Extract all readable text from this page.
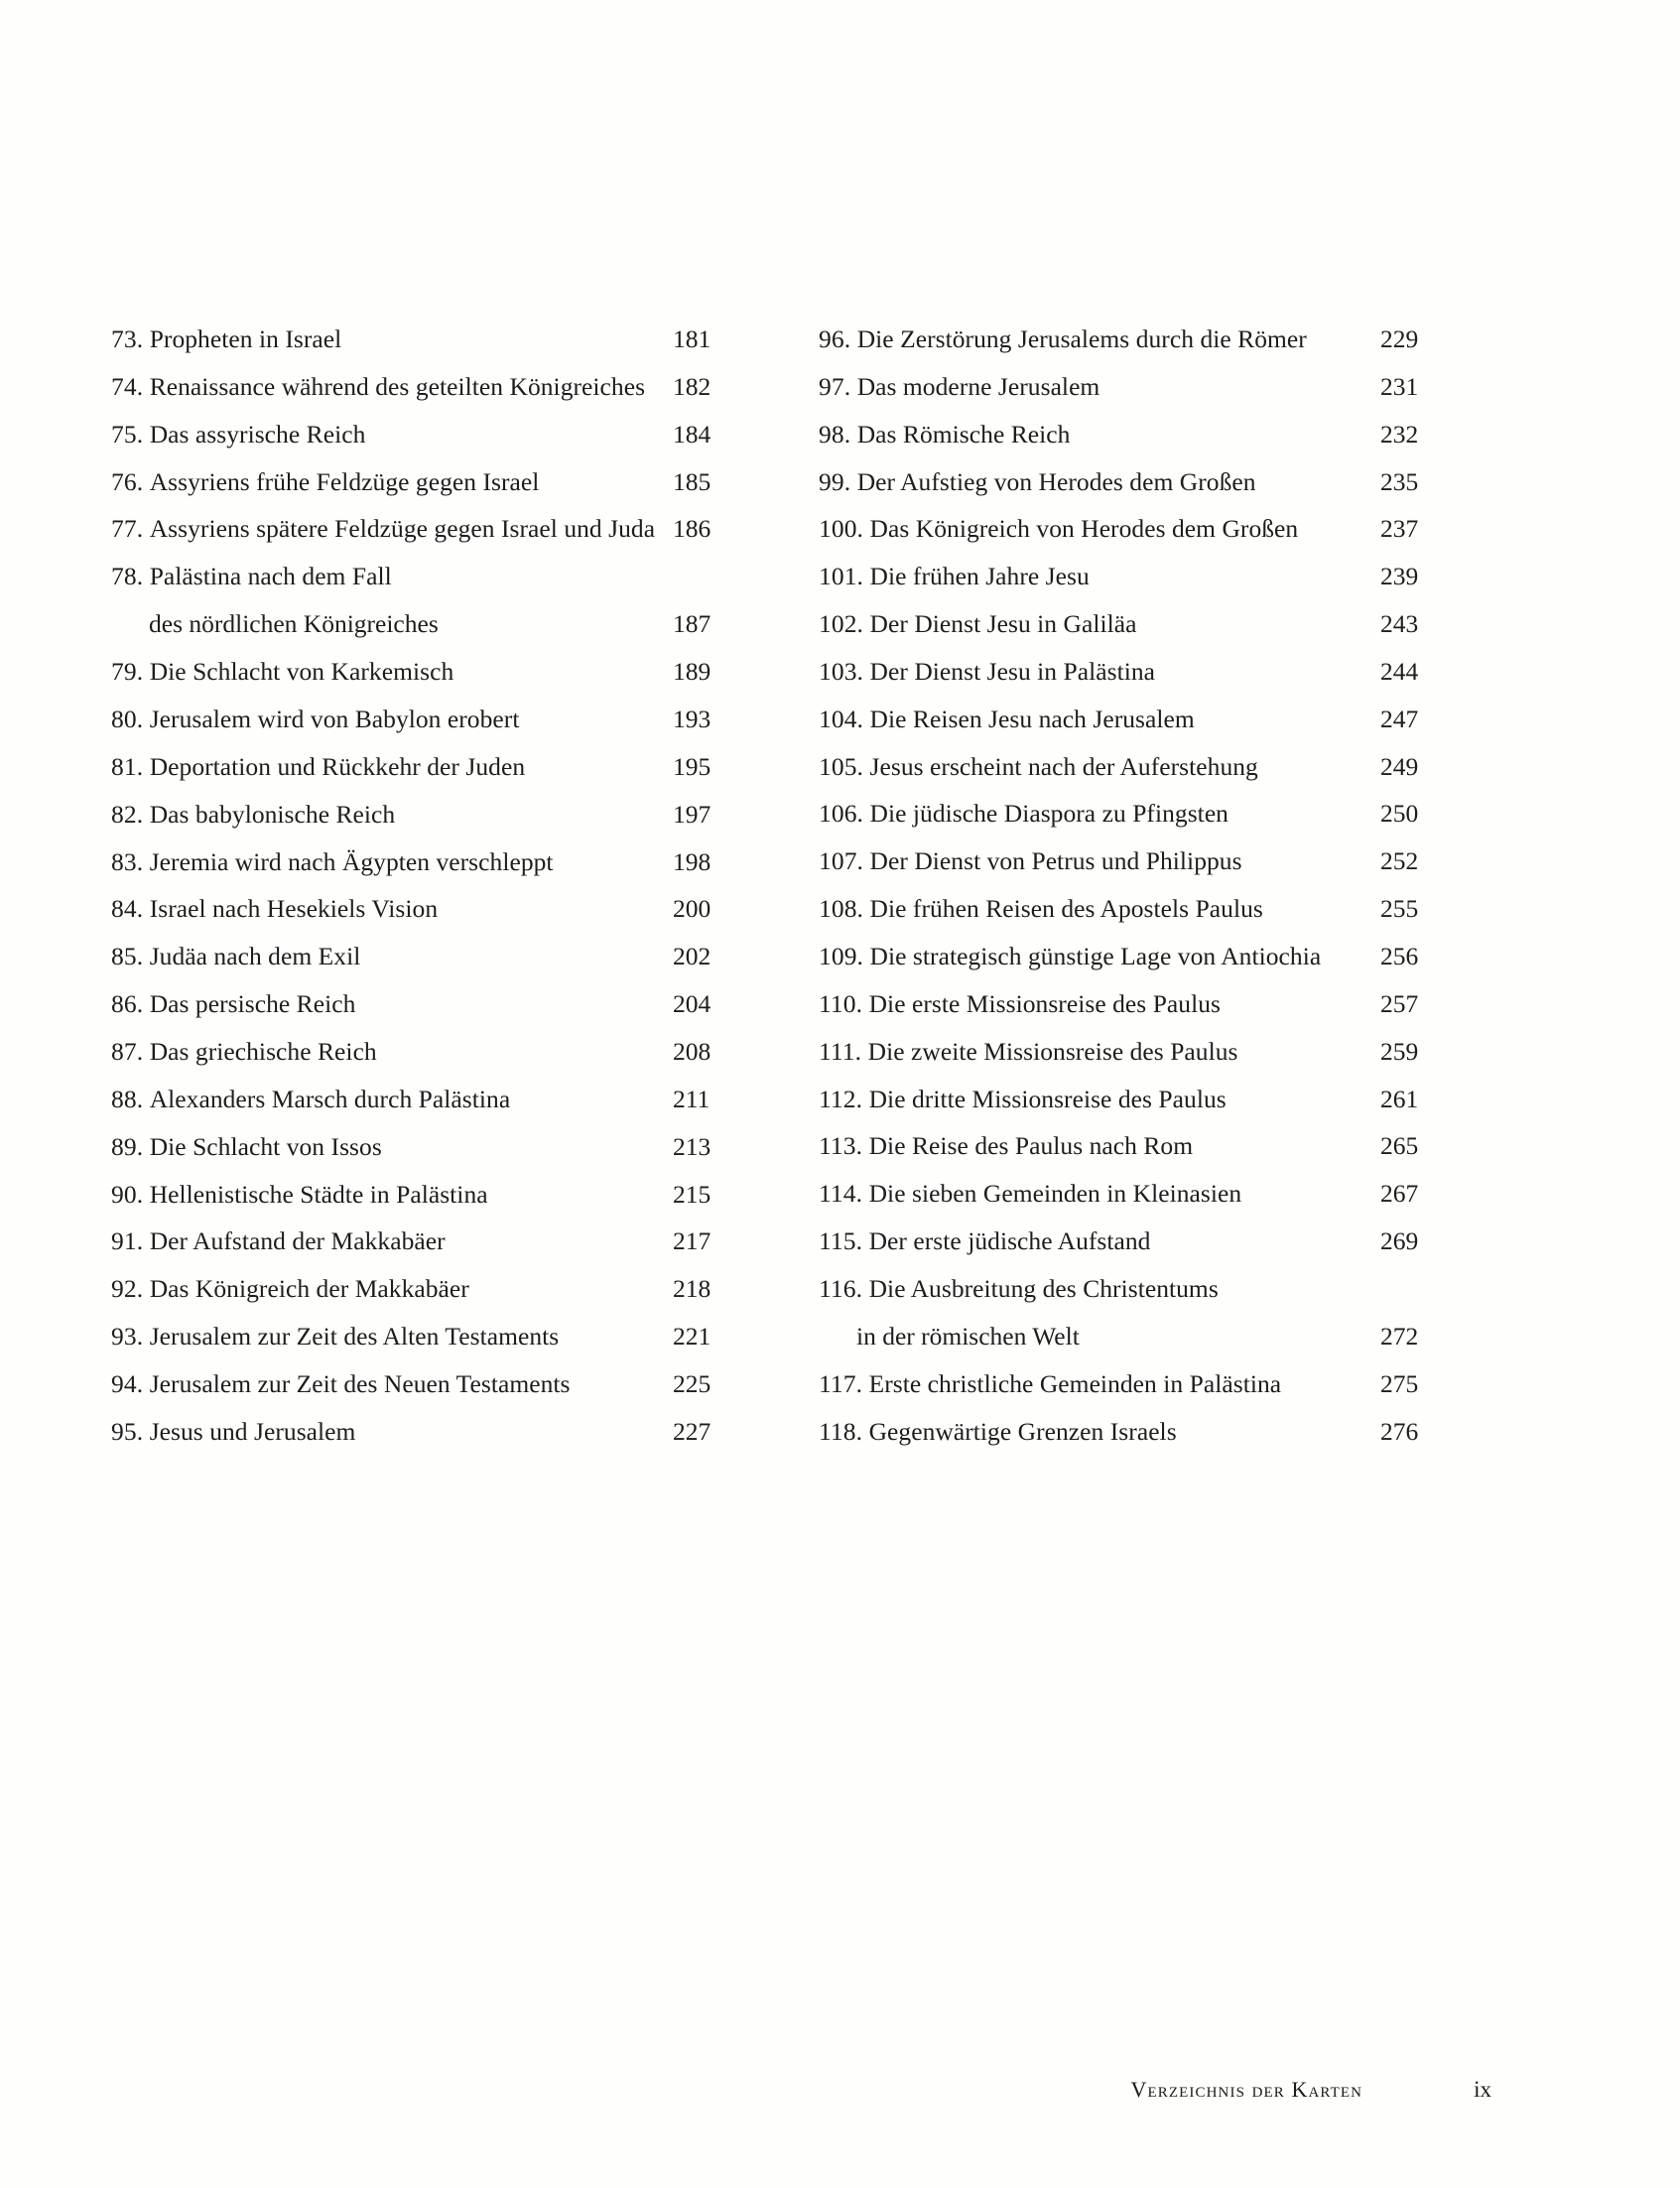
73. Propheten in Israel	181
74. Renaissance während des geteilten Königreiches 182
75. Das assyrische Reich	184
76. Assyriens frühe Feldzüge gegen Israel	185
77. Assyriens spätere Feldzüge gegen Israel und Juda 186
78. Palästina nach dem Fall
des nördlichen Königreiches	187
79. Die Schlacht von Karkemisch	189
80. Jerusalem wird von Babylon erobert	193
81. Deportation und Rückkehr der Juden	195
82. Das babylonische Reich	197
83. Jeremia wird nach Ägypten verschleppt	198
84. Israel nach Hesekiels Vision	200
85. Judäa nach dem Exil	202
86. Das persische Reich	204
87. Das griechische Reich	208
88. Alexanders Marsch durch Palästina	211
89. Die Schlacht von Issos	213
90. Hellenistische Städte in Palästina	215
91. Der Aufstand der Makkabäer	217
92. Das Königreich der Makkabäer	218
93. Jerusalem zur Zeit des Alten Testaments	221
94. Jerusalem zur Zeit des Neuen Testaments	225
95. Jesus und Jerusalem	227
96. Die Zerstörung Jerusalems durch die Römer	229
97. Das moderne Jerusalem	231
98. Das Römische Reich	232
99. Der Aufstieg von Herodes dem Großen	235
100. Das Königreich von Herodes dem Großen	237
101. Die frühen Jahre Jesu	239
102. Der Dienst Jesu in Galiläa	243
103. Der Dienst Jesu in Palästina	244
104. Die Reisen Jesu nach Jerusalem	247
105. Jesus erscheint nach der Auferstehung	249
106. Die jüdische Diaspora zu Pfingsten	250
107. Der Dienst von Petrus und Philippus	252
108. Die frühen Reisen des Apostels Paulus	255
109. Die strategisch günstige Lage von Antiochia 256
110. Die erste Missionsreise des Paulus	257
111. Die zweite Missionsreise des Paulus	259
112. Die dritte Missionsreise des Paulus	261
113. Die Reise des Paulus nach Rom	265
114. Die sieben Gemeinden in Kleinasien	267
115. Der erste jüdische Aufstand	269
116. Die Ausbreitung des Christentums
in der römischen Welt	272
117. Erste christliche Gemeinden in Palästina	275
118. Gegenwärtige Grenzen Israels	276
Verzeichnis der Karten	ix
